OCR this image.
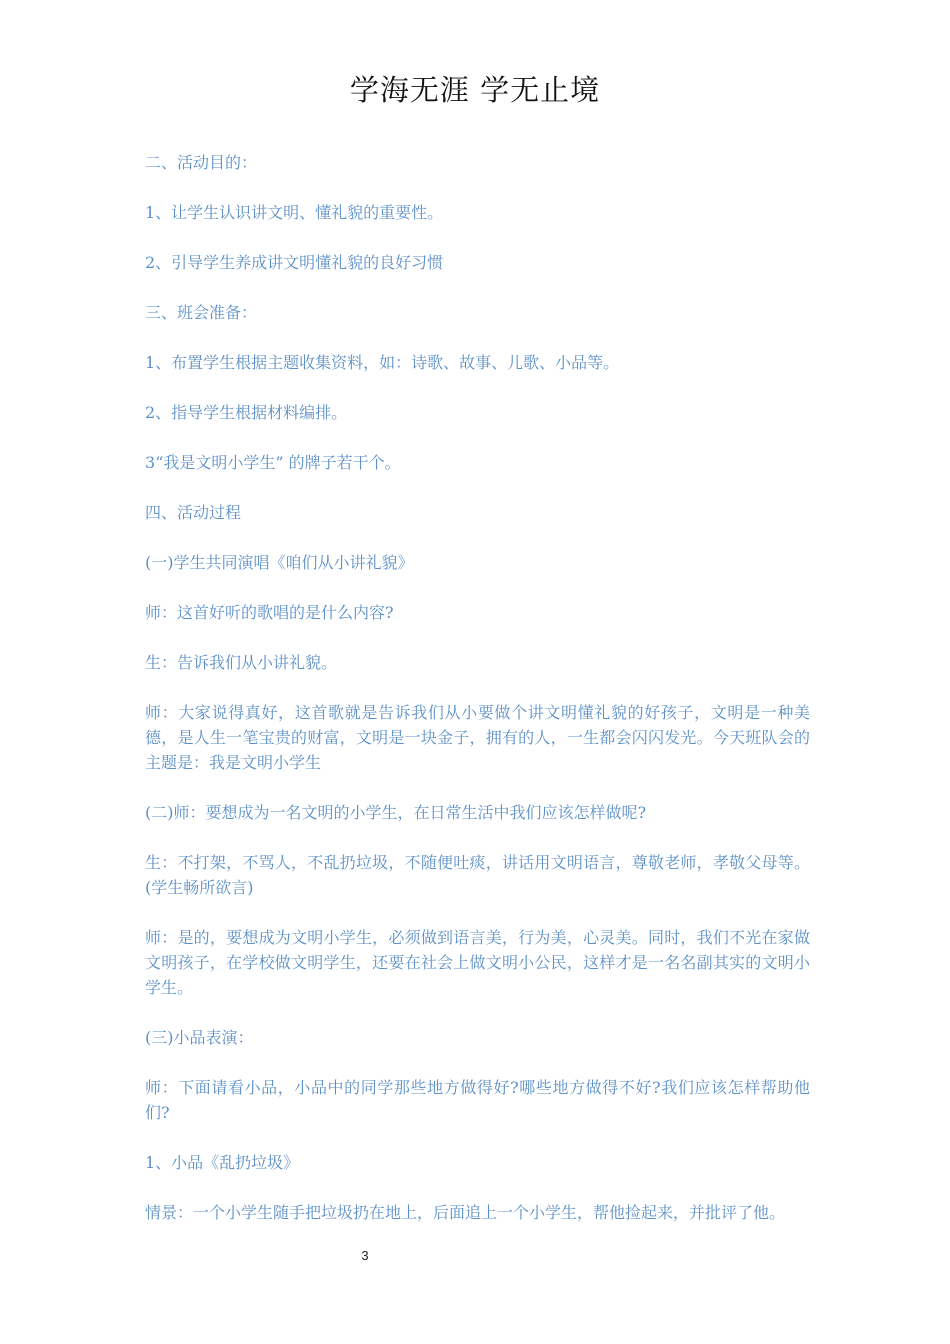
学海无涯 学无止境

二、活动目的：

1、让学生认识讲文明、懂礼貌的重要性。

2、引导学生养成讲文明懂礼貌的良好习惯

三、班会准备：

1、布置学生根据主题收集资料，如：诗歌、故事、儿歌、小品等。

2、指导学生根据材料编排。

3“我是文明小学生” 的牌子若干个。

四、活动过程

(一)学生共同演唱《咱们从小讲礼貌》

师：这首好听的歌唱的是什么内容?

生：告诉我们从小讲礼貌。

师：大家说得真好，这首歌就是告诉我们从小要做个讲文明懂礼貌的好孩子，文明是一种美德，是人生一笔宝贵的财富，文明是一块金子，拥有的人，一生都会闪闪发光。今天班队会的主题是：我是文明小学生

(二)师：要想成为一名文明的小学生，在日常生活中我们应该怎样做呢?

生：不打架，不骂人，不乱扔垃圾，不随便吐痰，讲话用文明语言，尊敬老师，孝敬父母等。(学生畅所欲言)

师：是的，要想成为文明小学生，必须做到语言美，行为美，心灵美。同时，我们不光在家做文明孩子，在学校做文明学生，还要在社会上做文明小公民，这样才是一名名副其实的文明小学生。

(三)小品表演：

师：下面请看小品，小品中的同学那些地方做得好?哪些地方做得不好?我们应该怎样帮助他们?

1、小品《乱扔垃圾》

情景：一个小学生随手把垃圾扔在地上，后面追上一个小学生，帮他捡起来，并批评了他。

3
